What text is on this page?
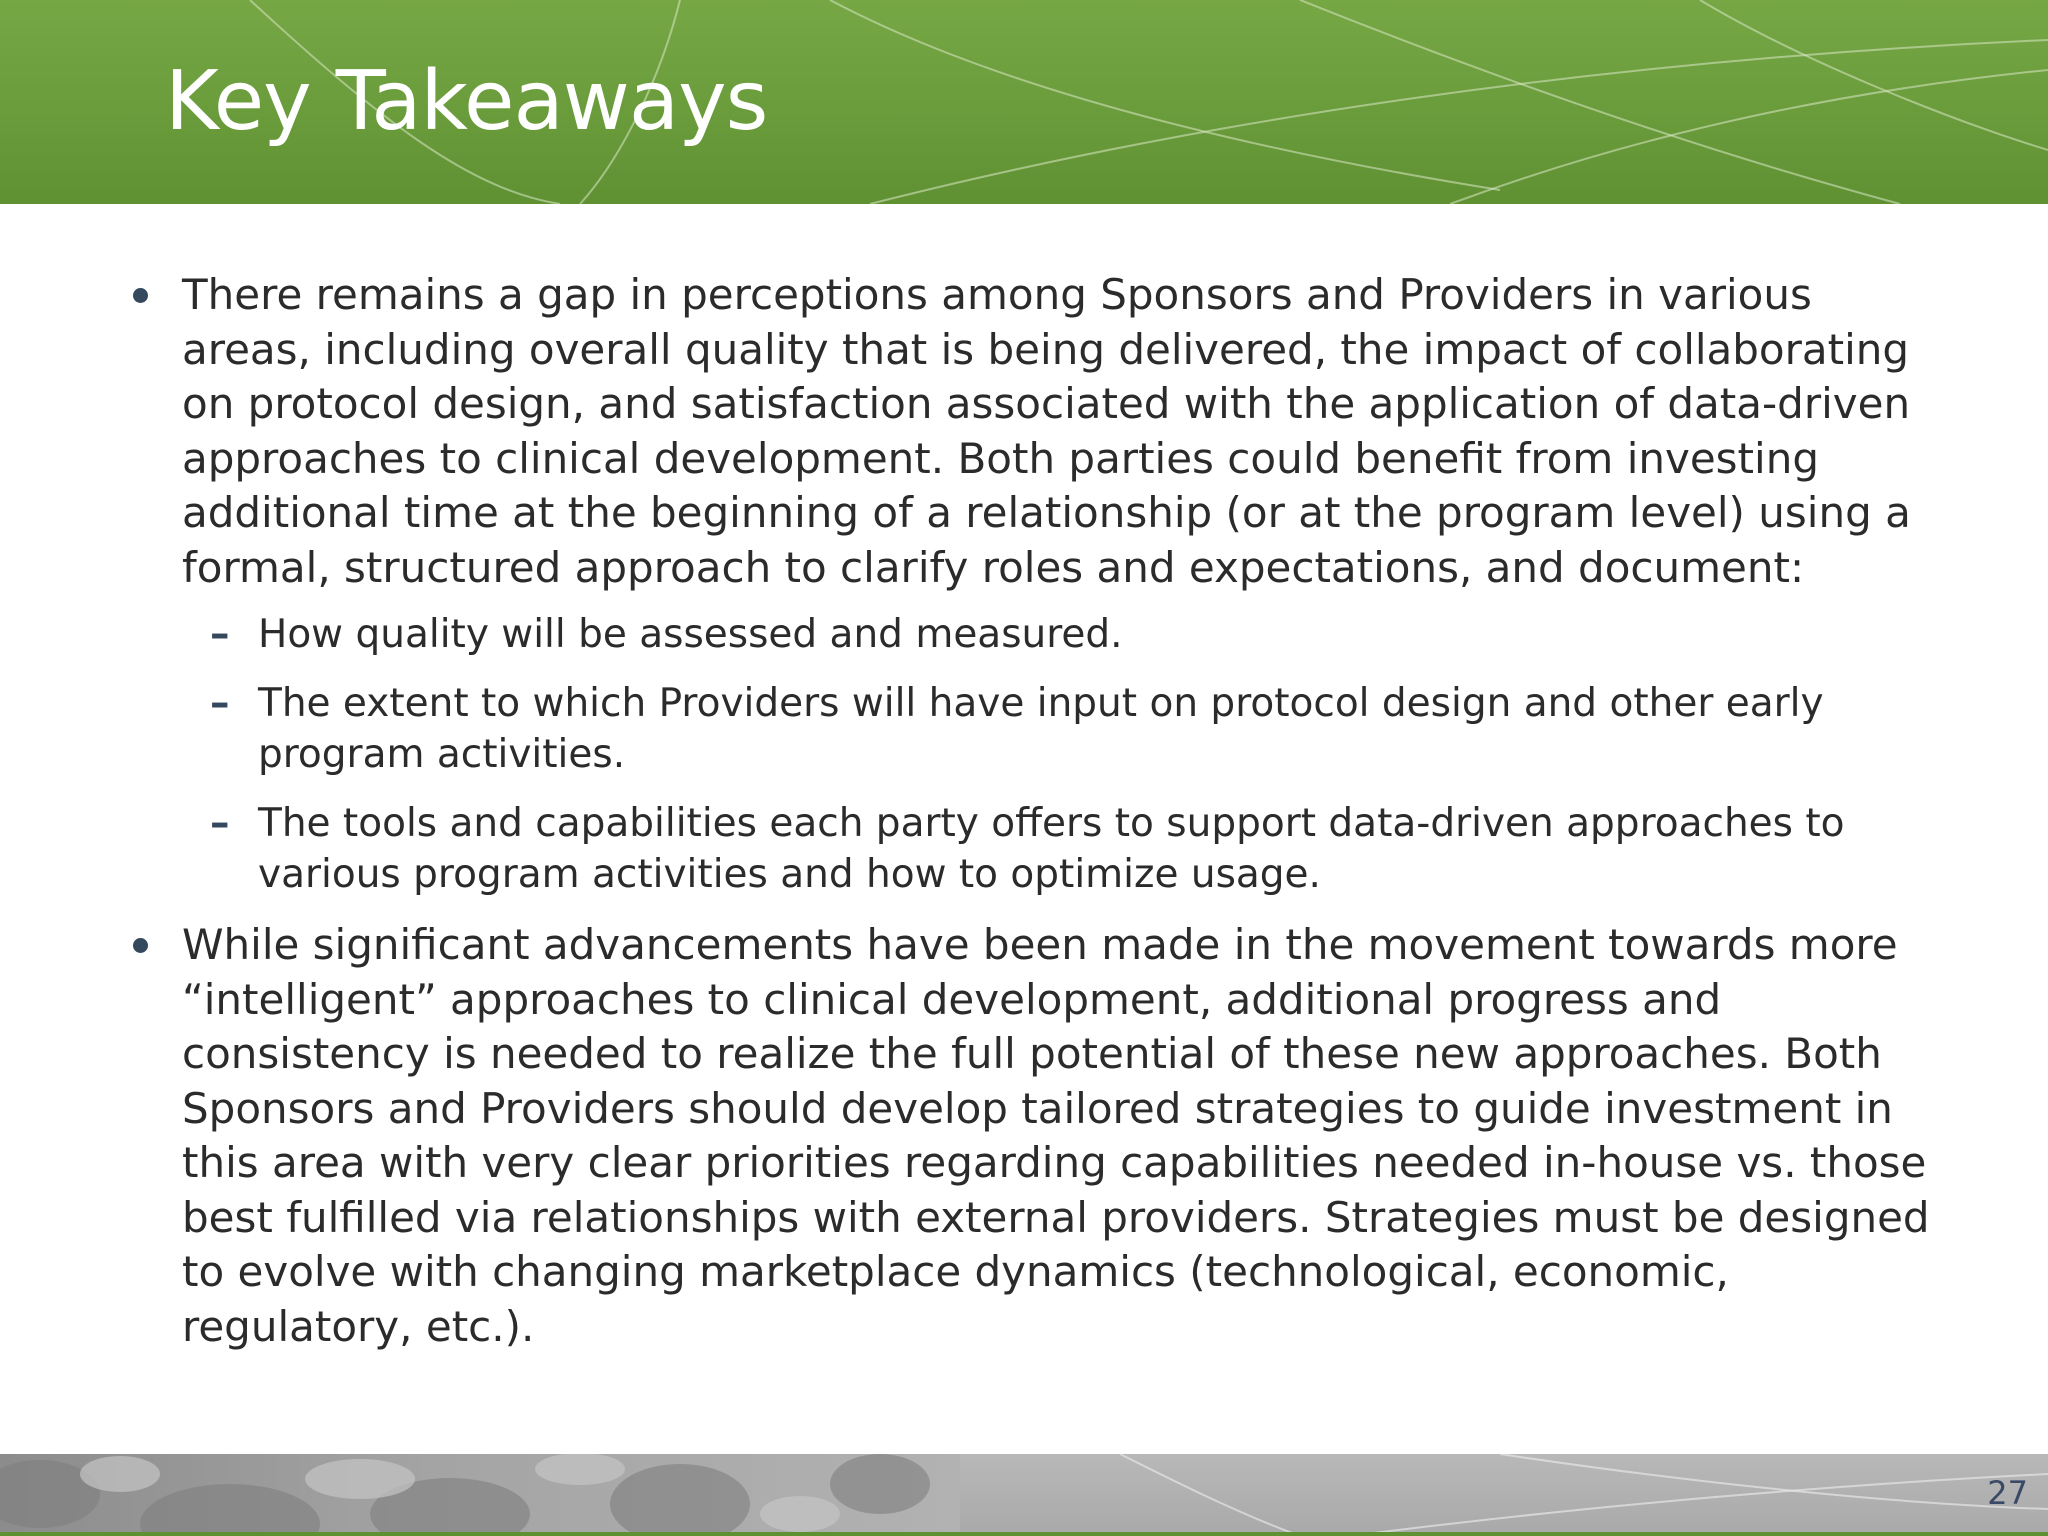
Key Takeaways
There remains a gap in perceptions among Sponsors and Providers in various areas, including overall quality that is being delivered, the impact of collaborating on protocol design, and satisfaction associated with the application of data-driven approaches to clinical development. Both parties could benefit from investing additional time at the beginning of a relationship (or at the program level) using a formal, structured approach to clarify roles and expectations, and document:
– How quality will be assessed and measured.
– The extent to which Providers will have input on protocol design and other early program activities.
– The tools and capabilities each party offers to support data-driven approaches to various program activities and how to optimize usage.
While significant advancements have been made in the movement towards more “intelligent” approaches to clinical development, additional progress and consistency is needed to realize the full potential of these new approaches. Both Sponsors and Providers should develop tailored strategies to guide investment in this area with very clear priorities regarding capabilities needed in-house vs. those best fulfilled via relationships with external providers. Strategies must be designed to evolve with changing marketplace dynamics (technological, economic, regulatory, etc.).
27
